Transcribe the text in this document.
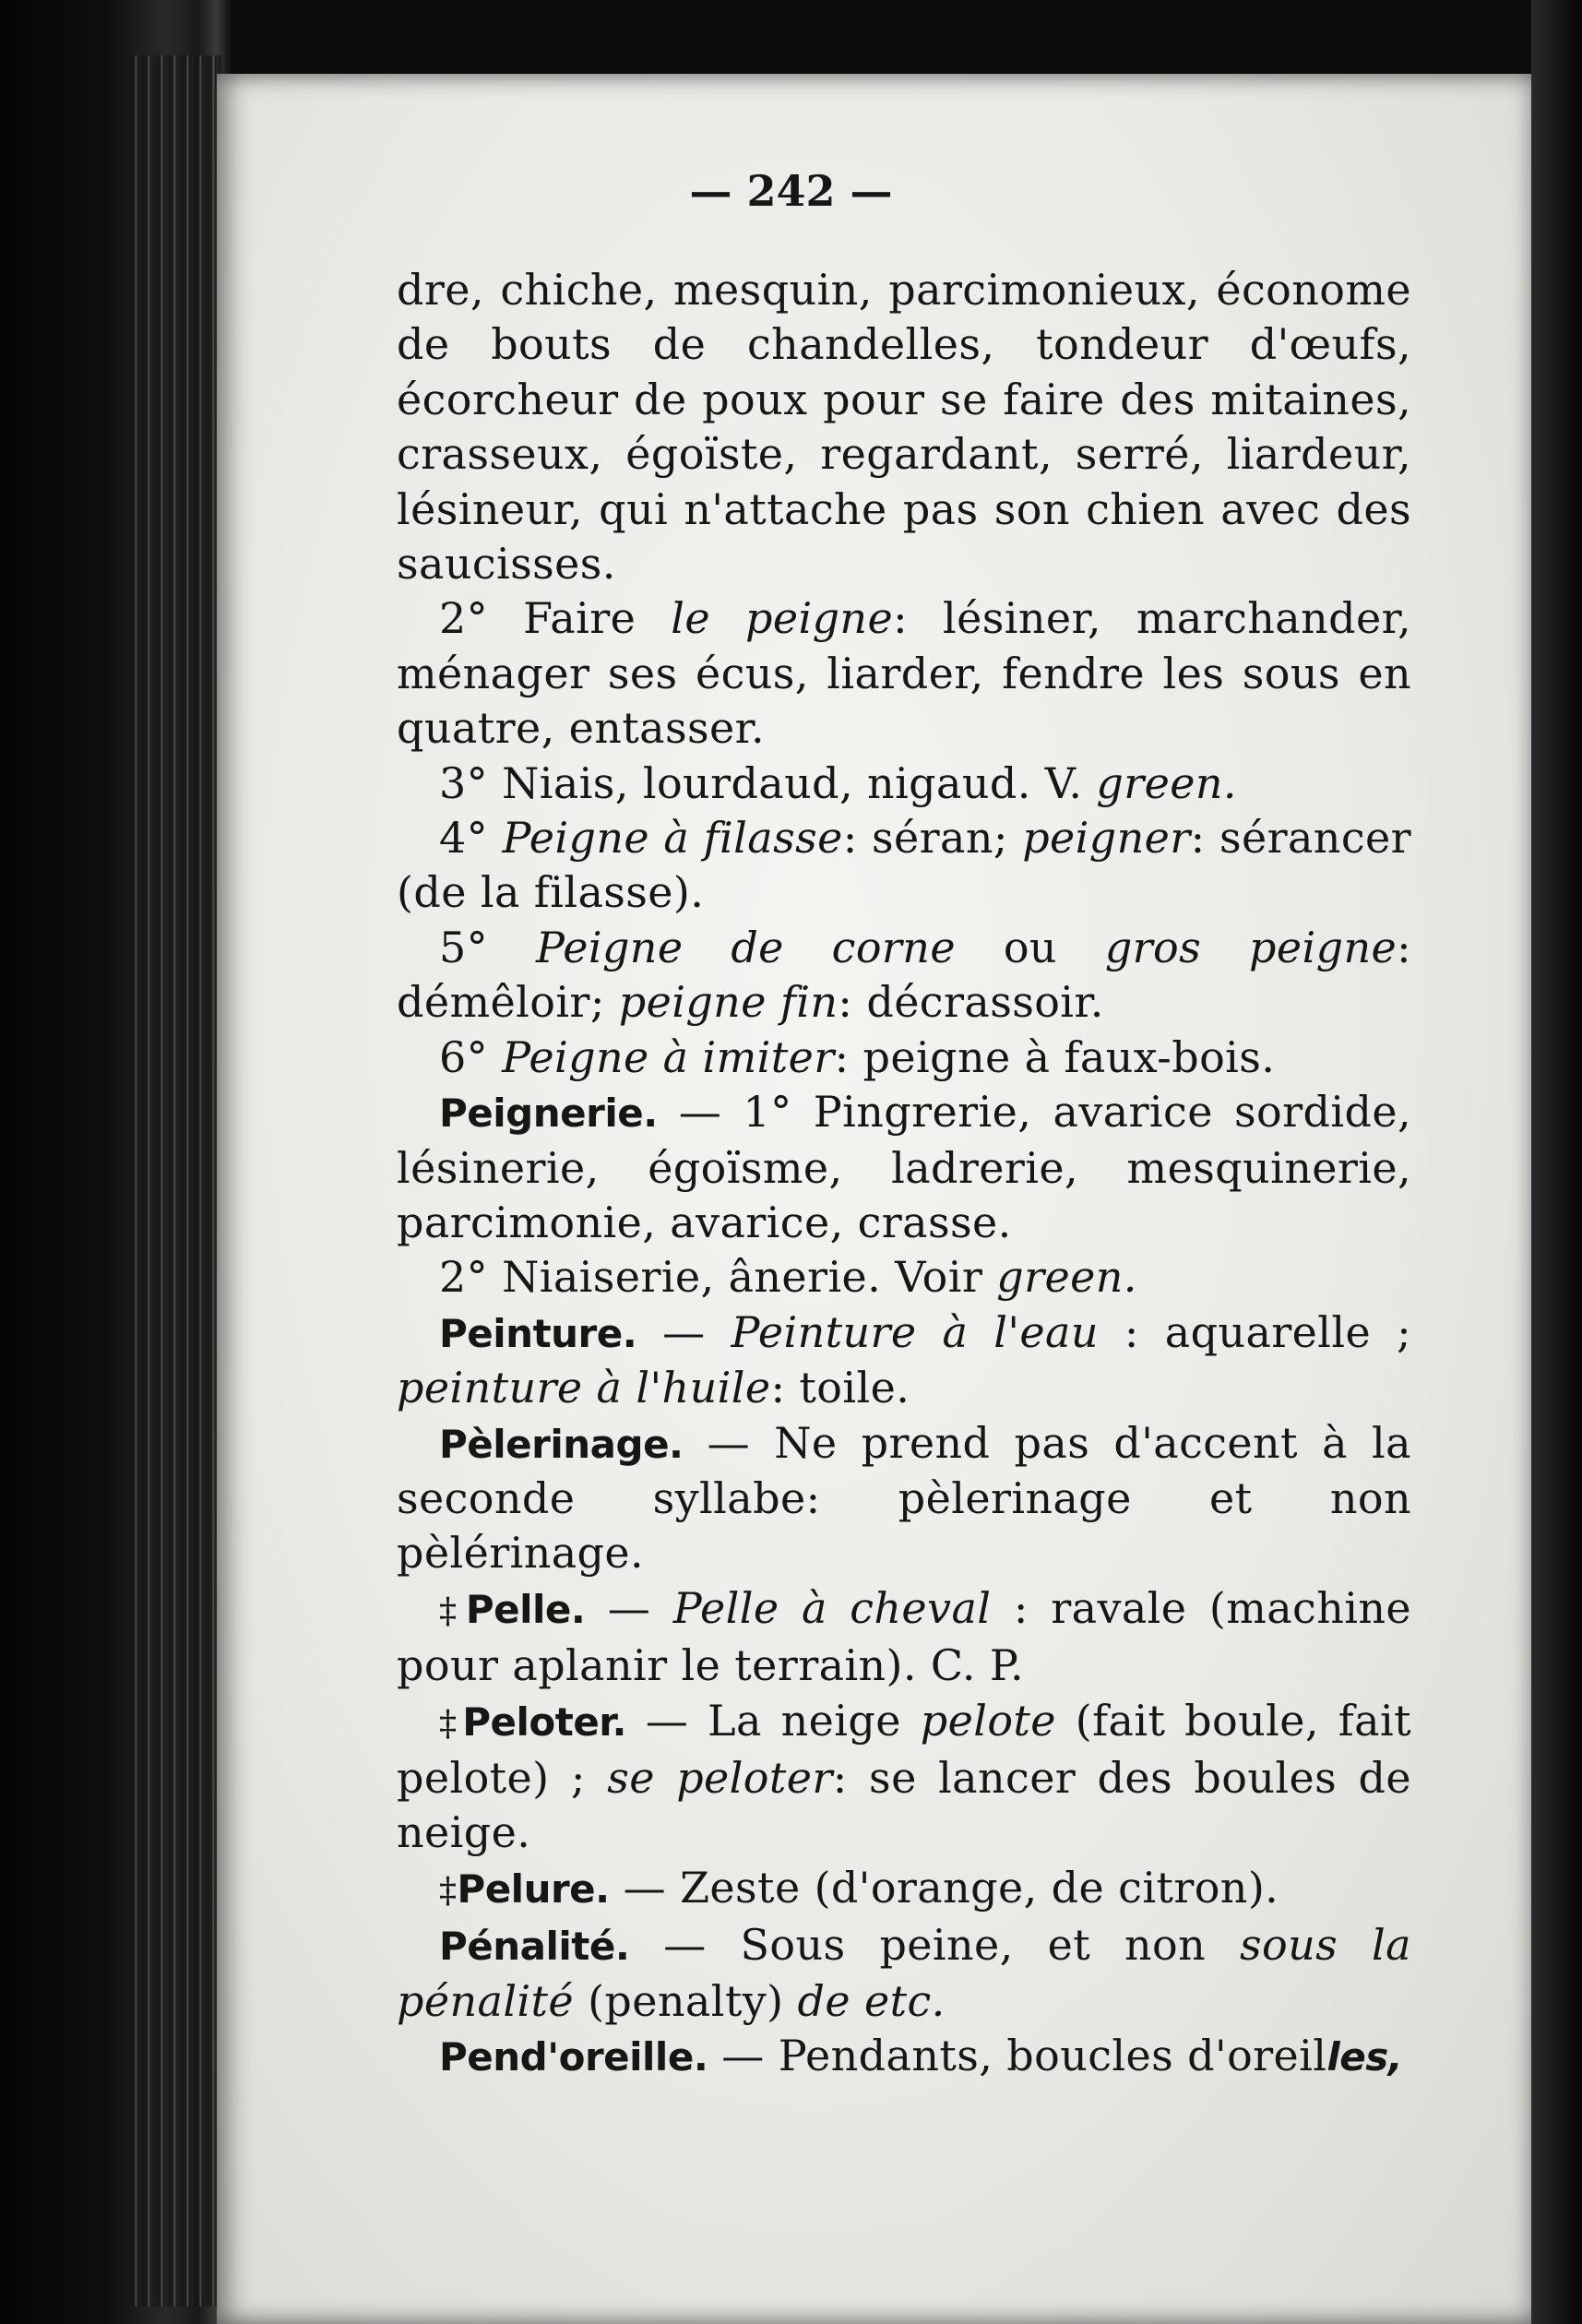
— 242 —

dre, chiche, mesquin, parcimonieux, économe de bouts de chandelles, tondeur d'œufs, écorcheur de poux pour se faire des mitaines, crasseux, égoïste, regardant, serré, liardeur, lésineur, qui n'attache pas son chien avec des saucisses.

2° Faire le peigne: lésiner, marchander, ménager ses écus, liarder, fendre les sous en quatre, entasser.

3° Niais, lourdaud, nigaud. V. green.

4° Peigne à filasse: séran; peigner: sérancer (de la filasse).

5° Peigne de corne ou gros peigne: démêloir; peigne fin: décrassoir.

6° Peigne à imiter: peigne à faux-bois.

Peignerie. — 1° Pingrerie, avarice sordide, lésinerie, égoïsme, ladrerie, mesquinerie, parcimonie, avarice, crasse.

2° Niaiserie, ânerie. Voir green.

Peinture. — Peinture à l'eau : aquarelle ; peinture à l'huile: toile.

Pèlerinage. — Ne prend pas d'accent à la seconde syllabe: pèlerinage et non pèlérinage.

‡Pelle. — Pelle à cheval : ravale (machine pour aplanir le terrain). C. P.

‡Peloter. — La neige pelote (fait boule, fait pelote) ; se peloter: se lancer des boules de neige.

‡Pelure. — Zeste (d'orange, de citron).

Pénalité. — Sous peine, et non sous la pénalité (penalty) de etc.

Pend'oreille. — Pendants, boucles d'oreilles,
